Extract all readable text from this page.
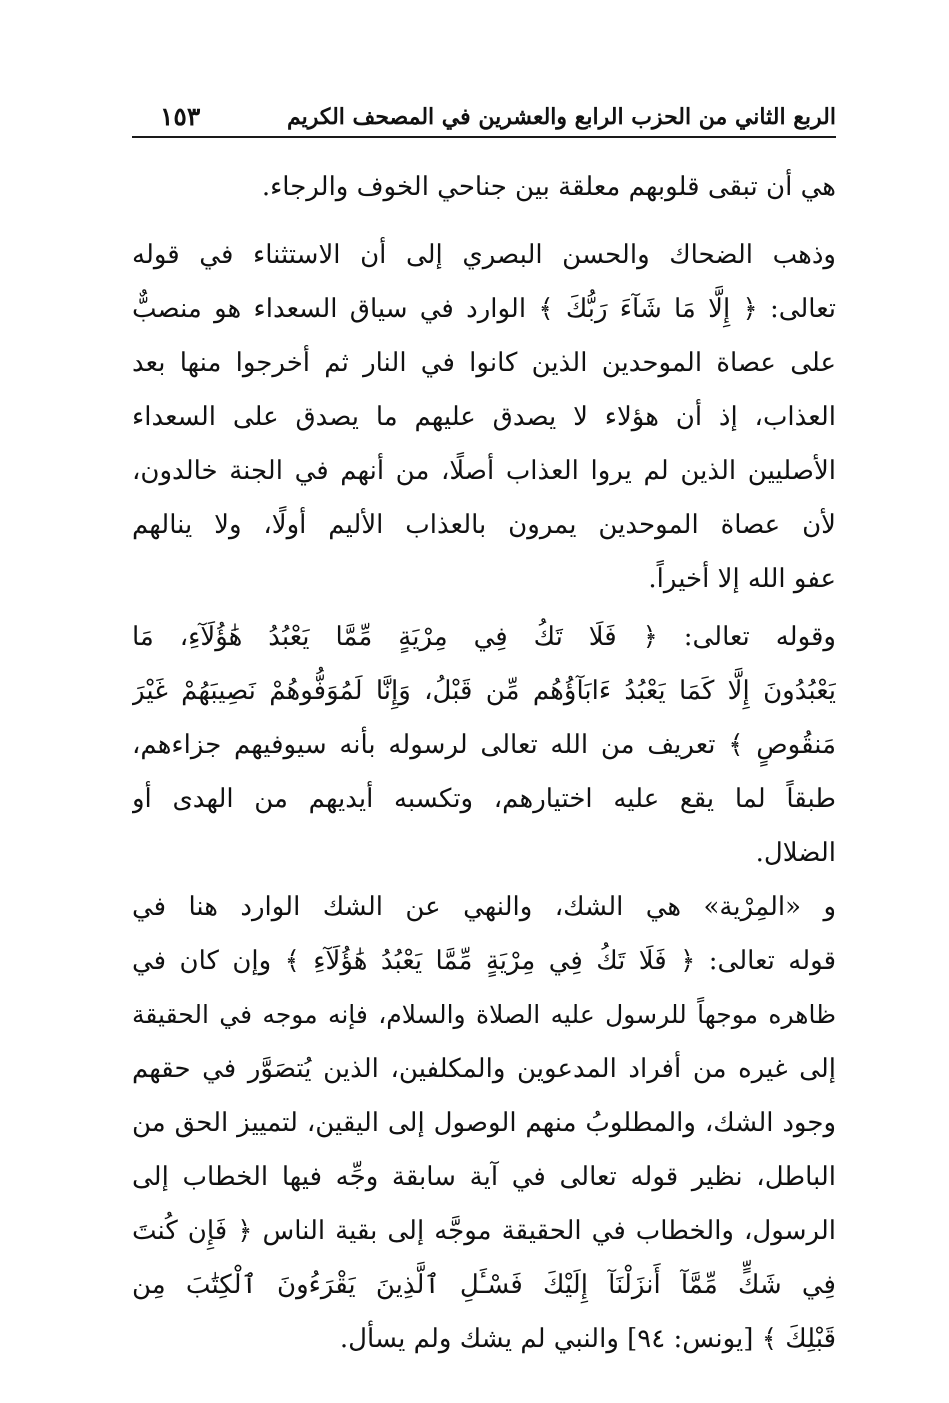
الربع الثاني من الحزب الرابع والعشرين في المصحف الكريم
١٥٣
هي أن تبقى قلوبهم معلقة بين جناحي الخوف والرجاء.
وذهب الضحاك والحسن البصري إلى أن الاستثناء في قوله
تعالى: ﴿ إِلَّا مَا شَآءَ رَبُّكَ ﴾ الوارد في سياق السعداء هو منصبٌّ
على عصاة الموحدين الذين كانوا في النار ثم أخرجوا منها بعد
العذاب، إذ أن هؤلاء لا يصدق عليهم ما يصدق على السعداء
الأصليين الذين لم يروا العذاب أصلًا، من أنهم في الجنة خالدون،
لأن عصاة الموحدين يمرون بالعذاب الأليم أولًا، ولا ينالهم
عفو الله إلا أخيراً.
وقوله تعالى: ﴿ فَلَا تَكُ فِي مِرْيَةٍ مِّمَّا يَعْبُدُ هَٰؤُلَآءِ، مَا
يَعْبُدُونَ إِلَّا كَمَا يَعْبُدُ ءَابَآؤُهُم مِّن قَبْلُ، وَإِنَّا لَمُوَفُّوهُمْ نَصِيبَهُمْ غَيْرَ
مَنقُوصٍ ﴾ تعريف من الله تعالى لرسوله بأنه سيوفيهم جزاءهم،
طبقاً لما يقع عليه اختيارهم، وتكسبه أيديهم من الهدى أو
الضلال.
و «المِرْية» هي الشك، والنهي عن الشك الوارد هنا في
قوله تعالى: ﴿ فَلَا تَكُ فِي مِرْيَةٍ مِّمَّا يَعْبُدُ هَٰؤُلَآءِ ﴾ وإن كان في
ظاهره موجهاً للرسول عليه الصلاة والسلام، فإنه موجه في الحقيقة
إلى غيره من أفراد المدعوين والمكلفين، الذين يُتصَوَّر في حقهم
وجود الشك، والمطلوبُ منهم الوصول إلى اليقين، لتمييز الحق من
الباطل، نظير قوله تعالى في آية سابقة وجِّه فيها الخطاب إلى
الرسول، والخطاب في الحقيقة موجَّه إلى بقية الناس ﴿ فَإِن كُنتَ
فِي شَكٍّ مِّمَّآ أَنزَلْنَآ إِلَيْكَ فَسْـَٔلِ ٱلَّذِينَ يَقْرَءُونَ ٱلْكِتَٰبَ مِن
قَبْلِكَ ﴾ [يونس: ٩٤] والنبي لم يشك ولم يسأل.
